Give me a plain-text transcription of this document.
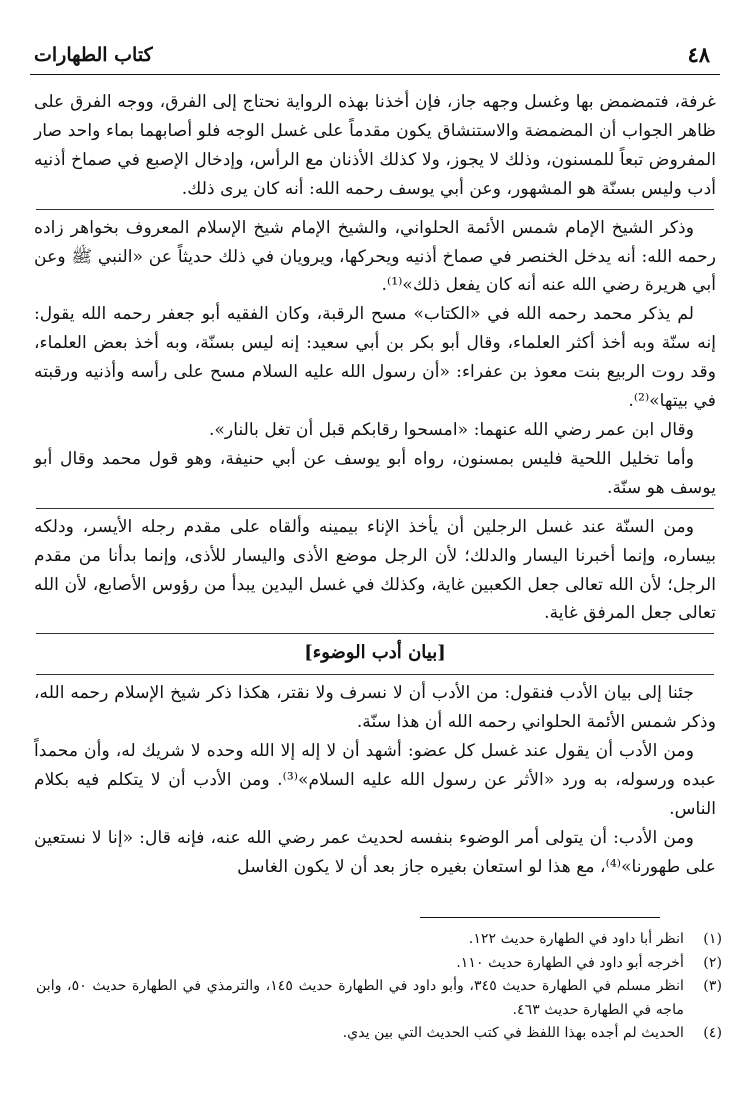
٤٨
كتاب الطهارات

غرفة، فتمضمض بها وغسل وجهه جاز، فإن أخذنا بهذه الرواية نحتاج إلى الفرق، ووجه الفرق على ظاهر الجواب أن المضمضة والاستنشاق يكون مقدماً على غسل الوجه فلو أصابهما بماء واحد صار المفروض تبعاً للمسنون، وذلك لا يجوز، ولا كذلك الأذنان مع الرأس، وإدخال الإصبع في صماخ أذنيه أدب وليس بسنّة هو المشهور، وعن أبي يوسف رحمه الله: أنه كان يرى ذلك.

وذكر الشيخ الإمام شمس الأئمة الحلواني، والشيخ الإمام شيخ الإسلام المعروف بخواهر زاده رحمه الله: أنه يدخل الخنصر في صماخ أذنيه ويحركها، ويرويان في ذلك حديثاً عن «النبي ﷺ وعن أبي هريرة رضي الله عنه أنه كان يفعل ذلك»⁽¹⁾.

لم يذكر محمد رحمه الله في «الكتاب» مسح الرقبة، وكان الفقيه أبو جعفر رحمه الله يقول: إنه سنّة وبه أخذ أكثر العلماء، وقال أبو بكر بن أبي سعيد: إنه ليس بسنّة، وبه أخذ بعض العلماء، وقد روت الربيع بنت معوذ بن عفراء: «أن رسول الله عليه السلام مسح على رأسه وأذنيه ورقبته في بيتها»⁽²⁾.

وقال ابن عمر رضي الله عنهما: «امسحوا رقابكم قبل أن تغل بالنار».

وأما تخليل اللحية فليس بمسنون، رواه أبو يوسف عن أبي حنيفة، وهو قول محمد وقال أبو يوسف هو سنّة.

ومن السنّة عند غسل الرجلين أن يأخذ الإناء بيمينه وألقاه على مقدم رجله الأيسر، ودلكه بيساره، وإنما أخبرنا اليسار والدلك؛ لأن الرجل موضع الأذى واليسار للأذى، وإنما بدأنا من مقدم الرجل؛ لأن الله تعالى جعل الكعبين غاية، وكذلك في غسل اليدين يبدأ من رؤوس الأصابع، لأن الله تعالى جعل المرفق غاية.

[بيان أدب الوضوء]

جئنا إلى بيان الأدب فنقول: من الأدب أن لا نسرف ولا نقتر، هكذا ذكر شيخ الإسلام رحمه الله، وذكر شمس الأئمة الحلواني رحمه الله أن هذا سنّة.

ومن الأدب أن يقول عند غسل كل عضو: أشهد أن لا إله إلا الله وحده لا شريك له، وأن محمداً عبده ورسوله، به ورد «الأثر عن رسول الله عليه السلام»⁽³⁾. ومن الأدب أن لا يتكلم فيه بكلام الناس.

ومن الأدب: أن يتولى أمر الوضوء بنفسه لحديث عمر رضي الله عنه، فإنه قال: «إنا لا نستعين على طهورنا»⁽⁴⁾، مع هذا لو استعان بغيره جاز بعد أن لا يكون الغاسل

(١)
انظر أبا داود في الطهارة حديث ١٢٢.
(٢)
أخرجه أبو داود في الطهارة حديث ١١٠.
(٣)
انظر مسلم في الطهارة حديث ٣٤٥، وأبو داود في الطهارة حديث ١٤٥، والترمذي في الطهارة حديث ٥٠، وابن ماجه في الطهارة حديث ٤٦٣.
(٤)
الحديث لم أجده بهذا اللفظ في كتب الحديث التي بين يدي.
